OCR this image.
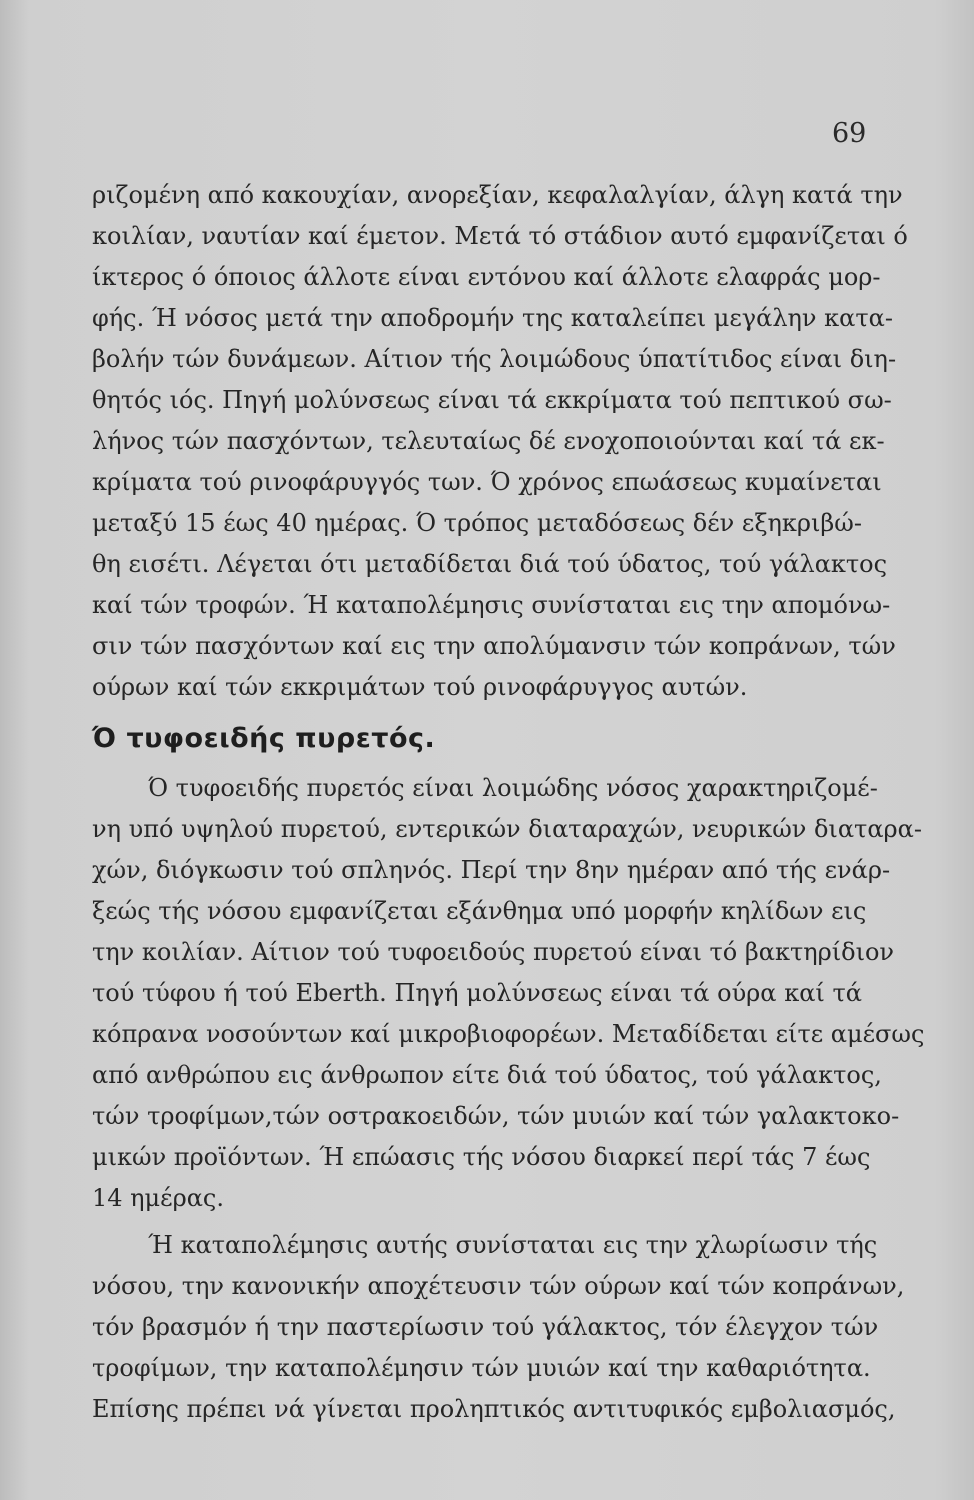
69
ριζομένη από κακουχίαν, ανορεξίαν, κεφαλαλγίαν, άλγη κατά την
κοιλίαν, ναυτίαν καί έμετον. Μετά τό στάδιον αυτό εμφανίζεται ό
ίκτερος ό όποιος άλλοτε είναι εντόνου καί άλλοτε ελαφράς μορ-
φής. Ή νόσος μετά την αποδρομήν της καταλείπει μεγάλην κατα-
βολήν τών δυνάμεων. Αίτιον τής λοιμώδους ύπατίτιδος είναι διη-
θητός ιός. Πηγή μολύνσεως είναι τά εκκρίματα τού πεπτικού σω-
λήνος τών πασχόντων, τελευταίως δέ ενοχοποιούνται καί τά εκ-
κρίματα τού ρινοφάρυγγός των. Ό χρόνος επωάσεως κυμαίνεται
μεταξύ 15 έως 40 ημέρας. Ό τρόπος μεταδόσεως δέν εξηκριβώ-
θη εισέτι. Λέγεται ότι μεταδίδεται διά τού ύδατος, τού γάλακτος
καί τών τροφών. Ή καταπολέμησις συνίσταται εις την απομόνω-
σιν τών πασχόντων καί εις την απολύμανσιν τών κοπράνων, τών
ούρων καί τών εκκριμάτων τού ρινοφάρυγγος αυτών.
Ό τυφοειδής πυρετός.
Ό τυφοειδής πυρετός είναι λοιμώδης νόσος χαρακτηριζομέ-
νη υπό υψηλού πυρετού, εντερικών διαταραχών, νευρικών διαταρα-
χών, διόγκωσιν τού σπληνός. Περί την 8ην ημέραν από τής ενάρ-
ξεώς τής νόσου εμφανίζεται εξάνθημα υπό μορφήν κηλίδων εις
την κοιλίαν. Αίτιον τού τυφοειδούς πυρετού είναι τό βακτηρίδιον
τού τύφου ή τού Eberth. Πηγή μολύνσεως είναι τά ούρα καί τά
κόπρανα νοσούντων καί μικροβιοφορέων. Μεταδίδεται είτε αμέσως
από ανθρώπου εις άνθρωπον είτε διά τού ύδατος, τού γάλακτος,
τών τροφίμων,τών οστρακοειδών, τών μυιών καί τών γαλακτοκο-
μικών προϊόντων. Ή επώασις τής νόσου διαρκεί περί τάς 7 έως
14 ημέρας.
Ή καταπολέμησις αυτής συνίσταται εις την χλωρίωσιν τής
νόσου, την κανονικήν αποχέτευσιν τών ούρων καί τών κοπράνων,
τόν βρασμόν ή την παστερίωσιν τού γάλακτος, τόν έλεγχον τών
τροφίμων, την καταπολέμησιν τών μυιών καί την καθαριότητα.
Επίσης πρέπει νά γίνεται προληπτικός αντιτυφικός εμβολιασμός,
